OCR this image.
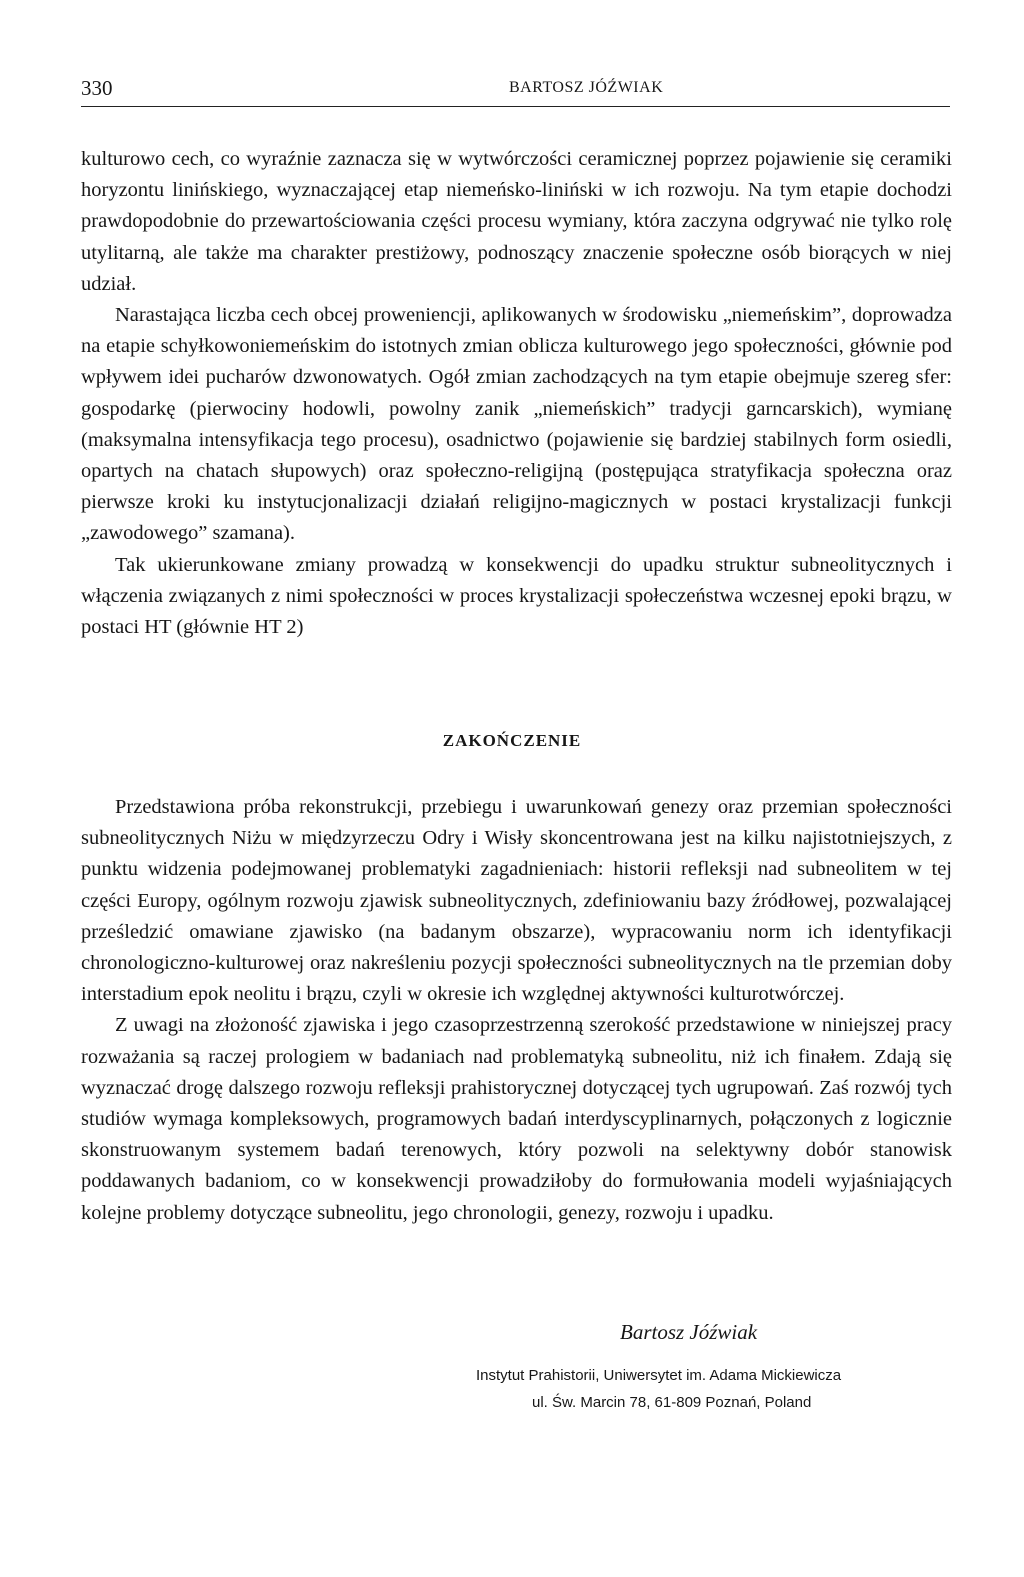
330	BARTOSZ JÓŹWIAK

kulturowo cech, co wyraźnie zaznacza się w wytwórczości ceramicznej poprzez pojawienie się ceramiki horyzontu linińskiego, wyznaczającej etap niemeńsko-liniński w ich rozwoju. Na tym etapie dochodzi prawdopodobnie do przewartościowania części procesu wymiany, która zaczyna odgrywać nie tylko rolę utylitarną, ale także ma charakter prestiżowy, podnoszący znaczenie społeczne osób biorących w niej udział.

Narastająca liczba cech obcej proweniencji, aplikowanych w środowisku „niemeńskim”, doprowadza na etapie schyłkowoniemeńskim do istotnych zmian oblicza kulturowego jego społeczności, głównie pod wpływem idei pucharów dzwonowatych. Ogół zmian zachodzących na tym etapie obejmuje szereg sfer: gospodarkę (pierwociny hodowli, powolny zanik „niemeńskich” tradycji garncarskich), wymianę (maksymalna intensyfikacja tego procesu), osadnictwo (pojawienie się bardziej stabilnych form osiedli, opartych na chatach słupowych) oraz społeczno-religijną (postępująca stratyfikacja społeczna oraz pierwsze kroki ku instytucjonalizacji działań religijno-magicznych w postaci krystalizacji funkcji „zawodowego” szamana).

Tak ukierunkowane zmiany prowadzą w konsekwencji do upadku struktur subneolitycznych i włączenia związanych z nimi społeczności w proces krystalizacji społeczeństwa wczesnej epoki brązu, w postaci HT (głównie HT 2)

ZAKOŃCZENIE

Przedstawiona próba rekonstrukcji, przebiegu i uwarunkowań genezy oraz przemian społeczności subneolitycznych Niżu w międzyrzeczu Odry i Wisły skoncentrowana jest na kilku najistotniejszych, z punktu widzenia podejmowanej problematyki zagadnieniach: historii refleksji nad subneolitem w tej części Europy, ogólnym rozwoju zjawisk subneolitycznych, zdefiniowaniu bazy źródłowej, pozwalającej prześledzić omawiane zjawisko (na badanym obszarze), wypracowaniu norm ich identyfikacji chronologiczno-kulturowej oraz nakreśleniu pozycji społeczności subneolitycznych na tle przemian doby interstadium epok neolitu i brązu, czyli w okresie ich względnej aktywności kulturotwórczej.

Z uwagi na złożoność zjawiska i jego czasoprzestrzenną szerokość przedstawione w niniejszej pracy rozważania są raczej prologiem w badaniach nad problematyką subneolitu, niż ich finałem. Zdają się wyznaczać drogę dalszego rozwoju refleksji prahistorycznej dotyczącej tych ugrupowań. Zaś rozwój tych studiów wymaga kompleksowych, programowych badań interdyscyplinarnych, połączonych z logicznie skonstruowanym systemem badań terenowych, który pozwoli na selektywny dobór stanowisk poddawanych badaniom, co w konsekwencji prowadziłoby do formułowania modeli wyjaśniających kolejne problemy dotyczące subneolitu, jego chronologii, genezy, rozwoju i upadku.

Bartosz Jóźwiak
Instytut Prahistorii, Uniwersytet im. Adama Mickiewicza
ul. Św. Marcin 78, 61-809 Poznań, Poland
